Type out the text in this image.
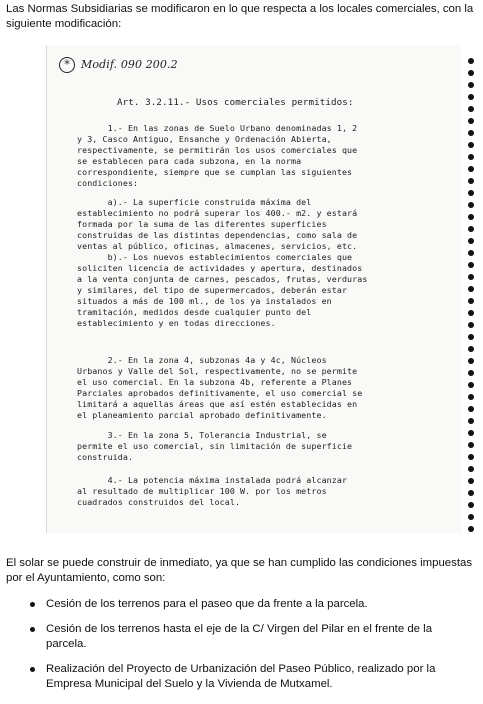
Las Normas Subsidiarias se modificaron en lo que respecta a los locales comerciales, con la siguiente modificación:
* Modif. 090 200.2
Art. 3.2.11.- Usos comerciales permitidos:
1.- En las zonas de Suelo Urbano denominadas 1, 2
y 3, Casco Antiguo, Ensanche y Ordenación Abierta,
respectivamente, se permitirán los usos comerciales que
se establecen para cada subzona, en la norma
correspondiente, siempre que se cumplan las siguientes
condiciones:
a).- La superficie construida máxima del
establecimiento no podrá superar los 400.- m2. y estará
formada por la suma de las diferentes superficies
construidas de las distintas dependencias, como sala de
ventas al público, oficinas, almacenes, servicios, etc.
b).- Los nuevos establecimientos comerciales que
soliciten licencia de actividades y apertura, destinados
a la venta conjunta de carnes, pescados, frutas, verduras
y similares, del tipo de supermercados, deberán estar
situados a más de 100 ml., de los ya instalados en
tramitación, medidos desde cualquier punto del
establecimiento y en todas direcciones.
2.- En la zona 4, subzonas 4a y 4c, Núcleos
Urbanos y Valle del Sol, respectivamente, no se permite
el uso comercial. En la subzona 4b, referente a Planes
Parciales aprobados definitivamente, el uso comercial se
limitará a aquellas áreas que así estén establecidas en
el planeamiento parcial aprobado definitivamente.
3.- En la zona 5, Tolerancia Industrial, se
permite el uso comercial, sin limitación de superficie
construida.
4.- La potencia máxima instalada podrá alcanzar
al resultado de multiplicar 100 W. por los metros
cuadrados construidos del local.
El solar se puede construir de inmediato, ya que se han cumplido las condiciones impuestas por el Ayuntamiento, como son:
Cesión de los terrenos para el paseo que da frente a la parcela.
Cesión de los terrenos hasta el eje de la C/ Virgen del Pilar en el frente de la parcela.
Realización del Proyecto de Urbanización del Paseo Público, realizado por la Empresa Municipal del Suelo y la Vivienda de Mutxamel.
